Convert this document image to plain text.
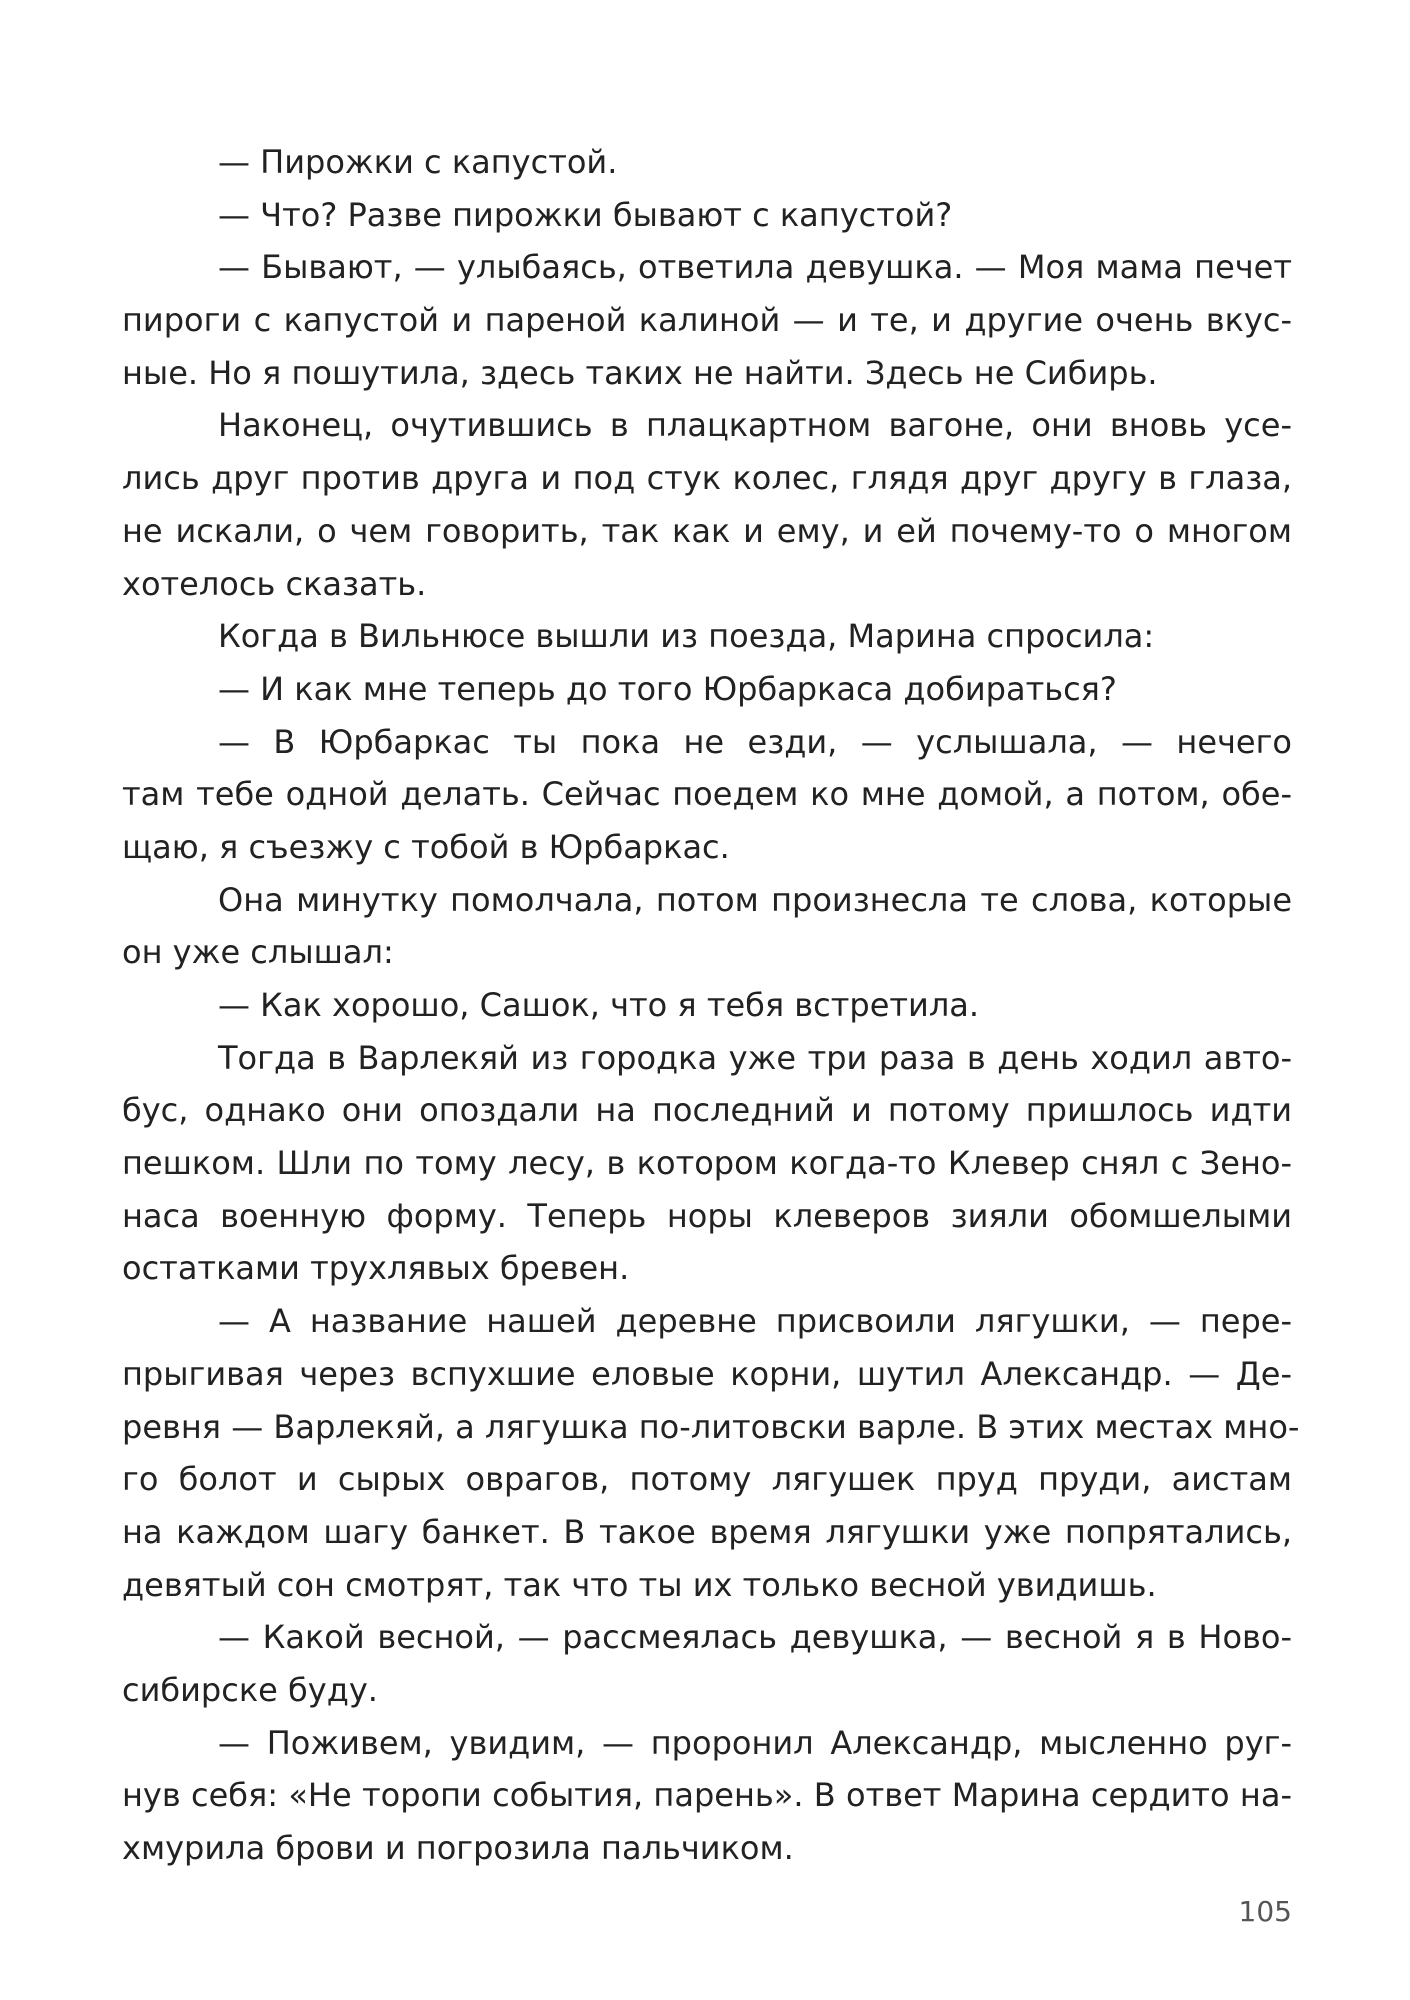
— Пирожки с капустой.
— Что? Разве пирожки бывают с капустой?
— Бывают, — улыбаясь, ответила девушка. — Моя мама печет
пироги с капустой и пареной калиной — и те, и другие очень вкус-
ные. Но я пошутила, здесь таких не найти. Здесь не Сибирь.
Наконец, очутившись в плацкартном вагоне, они вновь усе-
лись друг против друга и под стук колес, глядя друг другу в глаза,
не искали, о чем говорить, так как и ему, и ей почему-то о многом
хотелось сказать.
Когда в Вильнюсе вышли из поезда, Марина спросила:
— И как мне теперь до того Юрбаркаса добираться?
— В Юрбаркас ты пока не езди, — услышала, — нечего
там тебе одной делать. Сейчас поедем ко мне домой, а потом, обе-
щаю, я съезжу с тобой в Юрбаркас.
Она минутку помолчала, потом произнесла те слова, которые
он уже слышал:
— Как хорошо, Сашок, что я тебя встретила.
Тогда в Варлекяй из городка уже три раза в день ходил авто-
бус, однако они опоздали на последний и потому пришлось идти
пешком. Шли по тому лесу, в котором когда-то Клевер снял с Зено-
наса военную форму. Теперь норы клеверов зияли обомшелыми
остатками трухлявых бревен.
— А название нашей деревне присвоили лягушки, — пере-
прыгивая через вспухшие еловые корни, шутил Александр. — Де-
ревня — Варлекяй, а лягушка по-литовски варле. В этих местах мно-
го болот и сырых оврагов, потому лягушек пруд пруди, аистам
на каждом шагу банкет. В такое время лягушки уже попрятались,
девятый сон смотрят, так что ты их только весной увидишь.
— Какой весной, — рассмеялась девушка, — весной я в Ново-
сибирске буду.
— Поживем, увидим, — проронил Александр, мысленно руг-
нув себя: «Не торопи события, парень». В ответ Марина сердито на-
хмурила брови и погрозила пальчиком.
105
